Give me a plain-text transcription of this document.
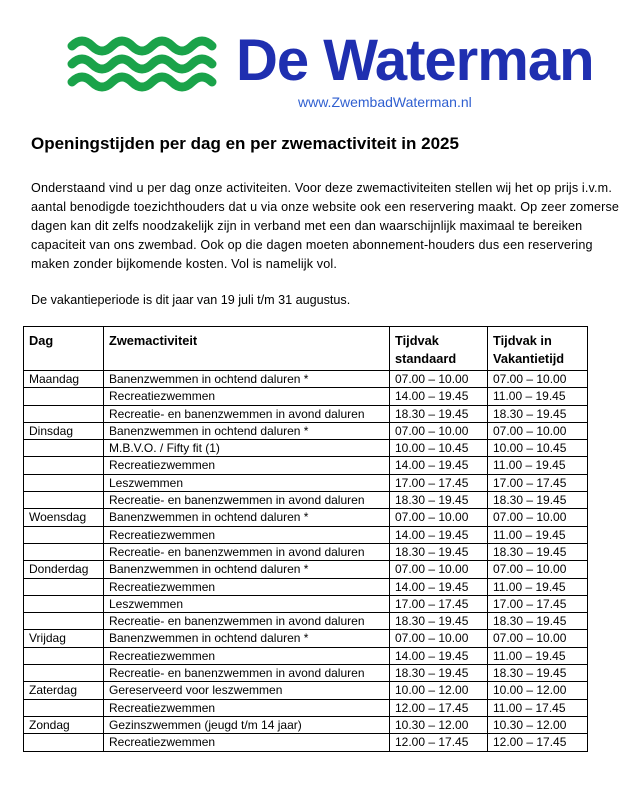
De Waterman
www.ZwembadWaterman.nl
Openingstijden per dag en per zwemactiviteit in 2025

Onderstaand vind u per dag onze activiteiten. Voor deze zwemactiviteiten stellen wij het op prijs i.v.m. aantal benodigde toezichthouders dat u via onze website ook een reservering maakt. Op zeer zomerse dagen kan dit zelfs noodzakelijk zijn in verband met een dan waarschijnlijk maximaal te bereiken capaciteit van ons zwembad. Ook op die dagen moeten abonnement-houders dus een reservering maken zonder bijkomende kosten. Vol is namelijk vol.

De vakantieperiode is dit jaar van 19 juli t/m 31 augustus.
Dag	Zwemactiviteit	Tijdvak standaard	Tijdvak in Vakantietijd
Maandag	Banenzwemmen in ochtend daluren *	07.00 – 10.00	07.00 – 10.00
	Recreatiezwemmen	14.00 – 19.45	11.00 – 19.45
	Recreatie- en banenzwemmen in avond daluren	18.30 – 19.45	18.30 – 19.45
Dinsdag	Banenzwemmen in ochtend daluren *	07.00 – 10.00	07.00 – 10.00
	M.B.V.O. / Fifty fit (1)	10.00 – 10.45	10.00 – 10.45
	Recreatiezwemmen	14.00 – 19.45	11.00 – 19.45
	Leszwemmen	17.00 – 17.45	17.00 – 17.45
	Recreatie- en banenzwemmen in avond daluren	18.30 – 19.45	18.30 – 19.45
Woensdag	Banenzwemmen in ochtend daluren *	07.00 – 10.00	07.00 – 10.00
	Recreatiezwemmen	14.00 – 19.45	11.00 – 19.45
	Recreatie- en banenzwemmen in avond daluren	18.30 – 19.45	18.30 – 19.45
Donderdag	Banenzwemmen in ochtend daluren *	07.00 – 10.00	07.00 – 10.00
	Recreatiezwemmen	14.00 – 19.45	11.00 – 19.45
	Leszwemmen	17.00 – 17.45	17.00 – 17.45
	Recreatie- en banenzwemmen in avond daluren	18.30 – 19.45	18.30 – 19.45
Vrijdag	Banenzwemmen in ochtend daluren *	07.00 – 10.00	07.00 – 10.00
	Recreatiezwemmen	14.00 – 19.45	11.00 – 19.45
	Recreatie- en banenzwemmen in avond daluren	18.30 – 19.45	18.30 – 19.45
Zaterdag	Gereserveerd voor leszwemmen	10.00 – 12.00	10.00 – 12.00
	Recreatiezwemmen	12.00 – 17.45	11.00 – 17.45
Zondag	Gezinszwemmen (jeugd t/m 14 jaar)	10.30 – 12.00	10.30 – 12.00
	Recreatiezwemmen	12.00 – 17.45	12.00 – 17.45
